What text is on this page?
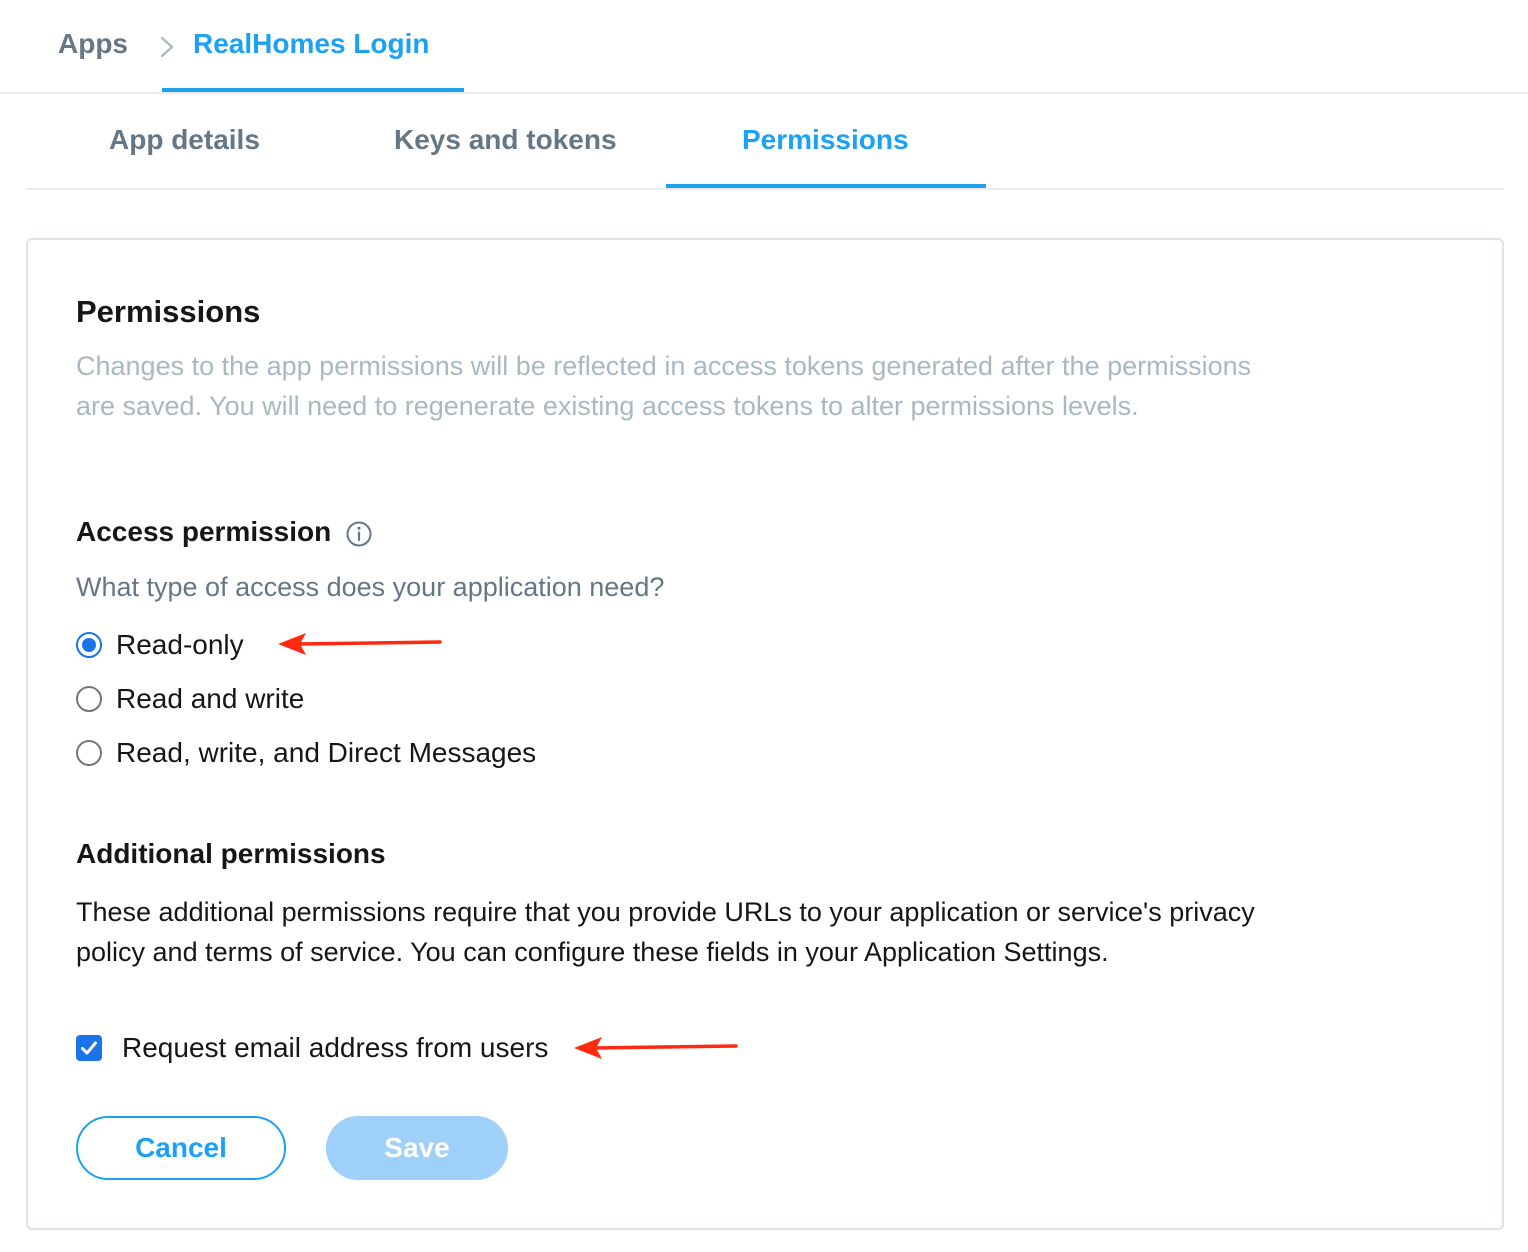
Apps RealHomes Login
App details	Keys and tokens	Permissions
Permissions
Changes to the app permissions will be reflected in access tokens generated after the permissions are saved. You will need to regenerate existing access tokens to alter permissions levels.
Access permission
What type of access does your application need?
Read-only
Read and write
Read, write, and Direct Messages
Additional permissions
These additional permissions require that you provide URLs to your application or service's privacy policy and terms of service. You can configure these fields in your Application Settings.
Request email address from users
Cancel	Save
